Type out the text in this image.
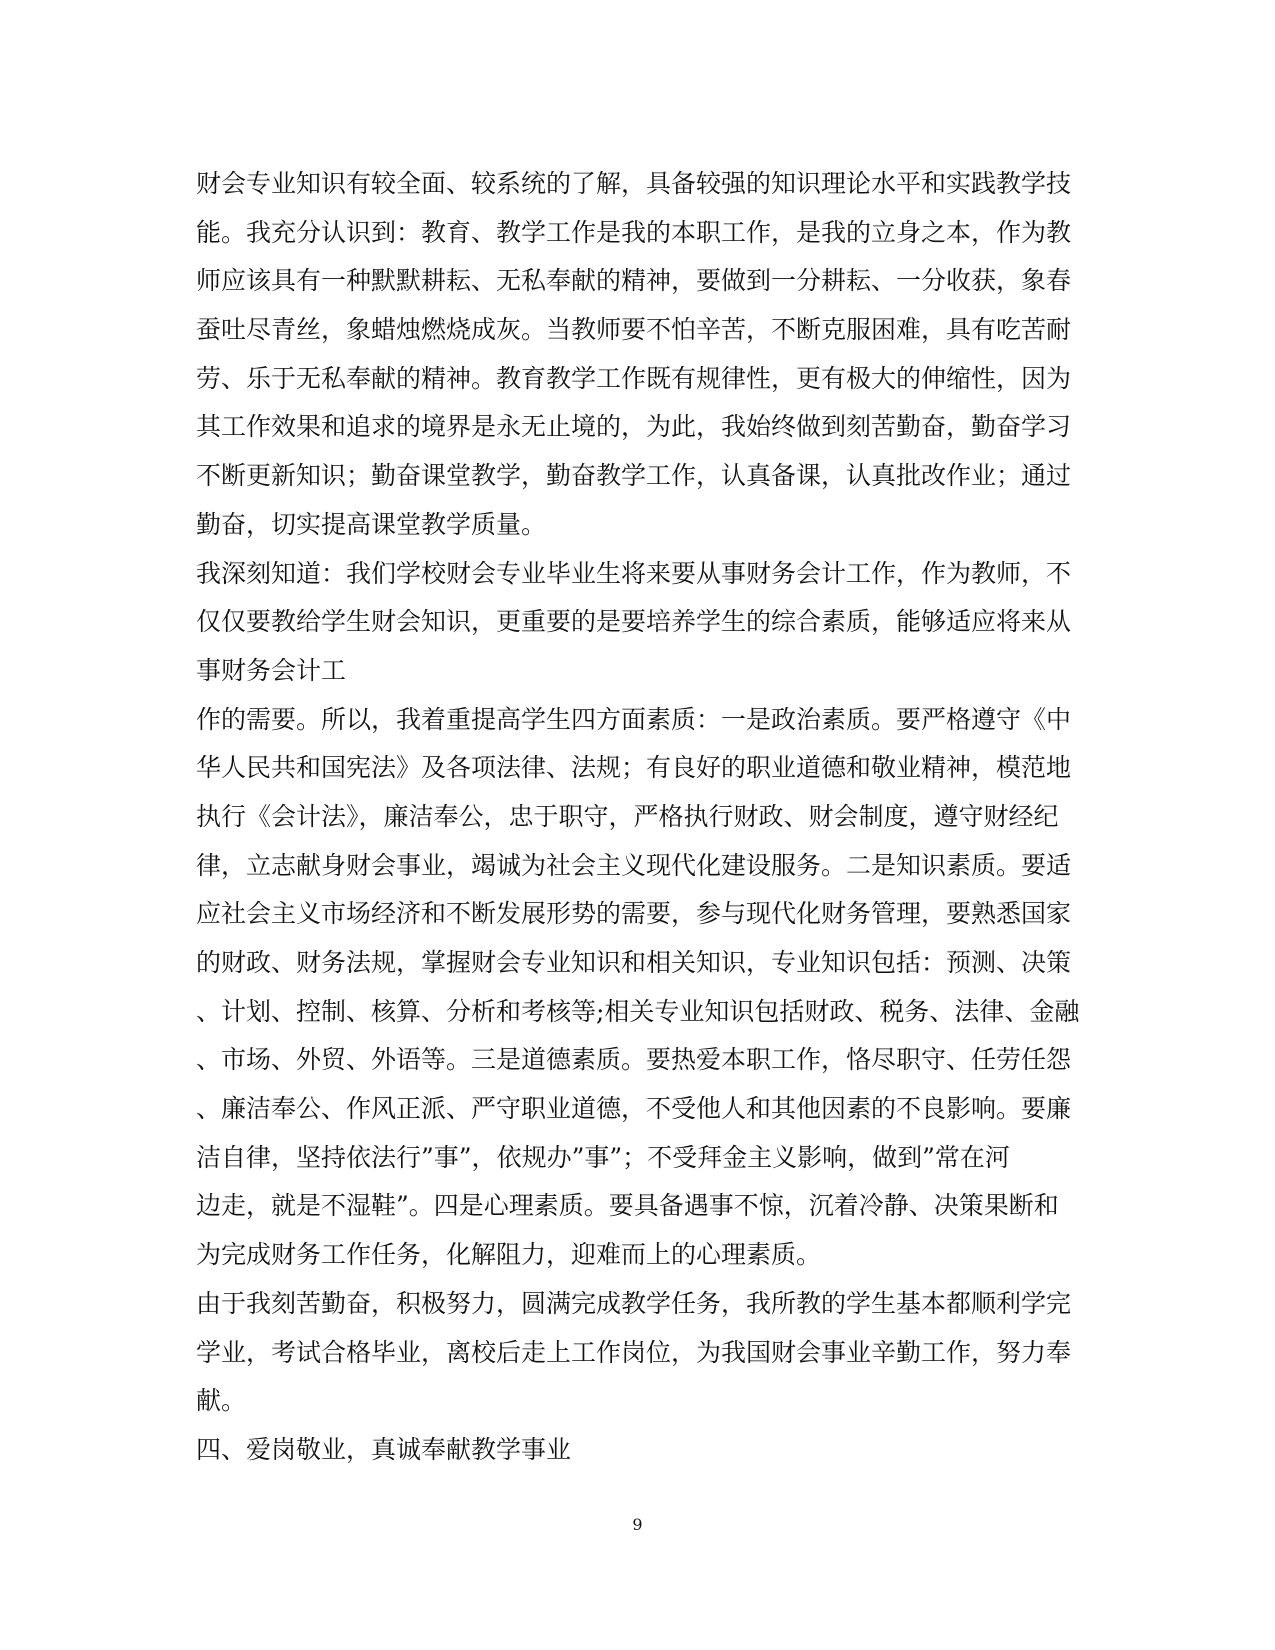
财会专业知识有较全面、较系统的了解，具备较强的知识理论水平和实践教学技
能。我充分认识到：教育、教学工作是我的本职工作，是我的立身之本，作为教
师应该具有一种默默耕耘、无私奉献的精神，要做到一分耕耘、一分收获，象春
蚕吐尽青丝，象蜡烛燃烧成灰。当教师要不怕辛苦，不断克服困难，具有吃苦耐
劳、乐于无私奉献的精神。教育教学工作既有规律性，更有极大的伸缩性，因为
其工作效果和追求的境界是永无止境的，为此，我始终做到刻苦勤奋，勤奋学习
不断更新知识；勤奋课堂教学，勤奋教学工作，认真备课，认真批改作业；通过
勤奋，切实提高课堂教学质量。
我深刻知道：我们学校财会专业毕业生将来要从事财务会计工作，作为教师，不
仅仅要教给学生财会知识，更重要的是要培养学生的综合素质，能够适应将来从
事财务会计工
作的需要。所以，我着重提高学生四方面素质：一是政治素质。要严格遵守《中
华人民共和国宪法》及各项法律、法规；有良好的职业道德和敬业精神，模范地
执行《会计法》，廉洁奉公，忠于职守，严格执行财政、财会制度，遵守财经纪
律，立志献身财会事业，竭诚为社会主义现代化建设服务。二是知识素质。要适
应社会主义市场经济和不断发展形势的需要，参与现代化财务管理，要熟悉国家
的财政、财务法规，掌握财会专业知识和相关知识，专业知识包括：预测、决策
、计划、控制、核算、分析和考核等;相关专业知识包括财政、税务、法律、金融
、市场、外贸、外语等。三是道德素质。要热爱本职工作，恪尽职守、任劳任怨
、廉洁奉公、作风正派、严守职业道德，不受他人和其他因素的不良影响。要廉
洁自律，坚持依法行”事”，依规办”事”；不受拜金主义影响，做到”常在河
边走，就是不湿鞋”。四是心理素质。要具备遇事不惊，沉着冷静、决策果断和
为完成财务工作任务，化解阻力，迎难而上的心理素质。
由于我刻苦勤奋，积极努力，圆满完成教学任务，我所教的学生基本都顺利学完
学业，考试合格毕业，离校后走上工作岗位，为我国财会事业辛勤工作，努力奉
献。
四、爱岗敬业，真诚奉献教学事业
9
